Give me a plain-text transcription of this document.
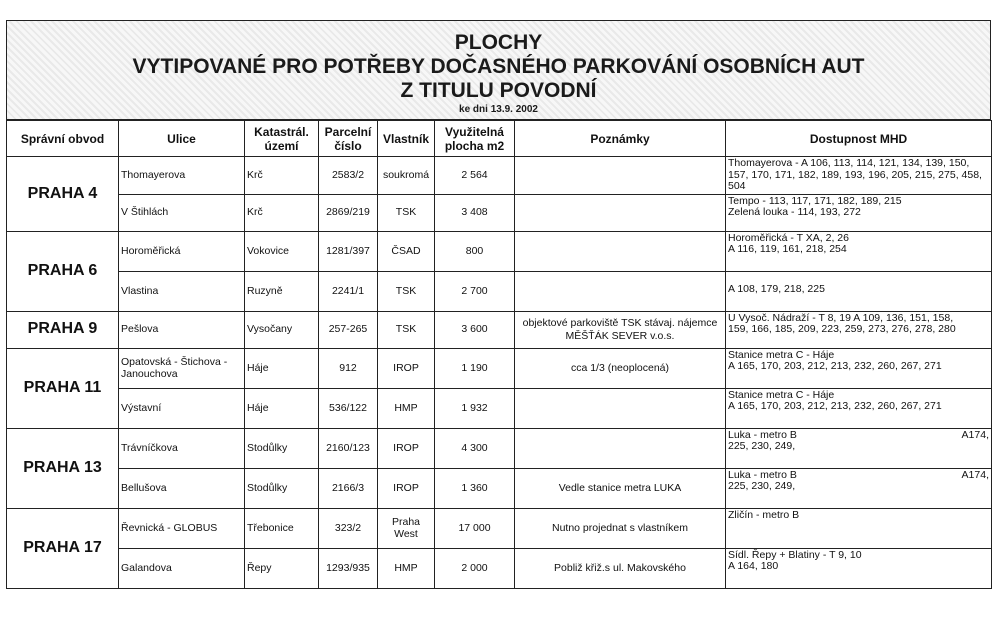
PLOCHY
VYTIPOVANÉ PRO POTŘEBY DOČASNÉHO PARKOVÁNÍ OSOBNÍCH AUT
Z TITULU POVODNÍ
ke dni 13.9. 2002
Správní obvod	Ulice	Katastrál. území	Parcelní číslo	Vlastník	Využitelná plocha m2	Poznámky	Dostupnost MHD
PRAHA 4	Thomayerova	Krč	2583/2	soukromá	2 564		Thomayerova - A 106, 113, 114, 121, 134, 139, 150,
157, 170, 171, 182, 189, 193, 196, 205, 215, 275, 458,
504

	V Štihlách	Krč	2869/219	TSK	3 408		Tempo - 113, 117, 171, 182, 189, 215
Zelená louka - 114, 193, 272

PRAHA 6	Horoměřická	Vokovice	1281/397	ČSAD	800		Horoměřická - T XA, 2, 26
A 116, 119, 161, 218, 254

	Vlastina	Ruzyně	2241/1	TSK	2 700		A 108, 179, 218, 225

PRAHA 9	Pešlova	Vysočany	257-265	TSK	3 600	objektové parkoviště TSK stávaj. nájemce MĚŠŤÁK SEVER v.o.s.	U Vysoč. Nádraží - T 8, 19 A 109, 136, 151, 158,
159, 166, 185, 209, 223, 259, 273, 276, 278, 280

PRAHA 11	Opatovská - Štichova - Janouchova	Háje	912	IROP	1 190	cca 1/3 (neoplocená)	Stanice metra C - Háje
A 165, 170, 203, 212, 213, 232, 260, 267, 271

	Výstavní	Háje	536/122	HMP	1 932		Stanice metra C - Háje
A 165, 170, 203, 212, 213, 232, 260, 267, 271

PRAHA 13	Trávníčkova	Stodůlky	2160/123	IROP	4 300		Luka - metro B A174,
225, 230, 249,

	Bellušova	Stodůlky	2166/3	IROP	1 360	Vedle stanice metra LUKA	Luka - metro B A174,
225, 230, 249,

PRAHA 17	Řevnická - GLOBUS	Třebonice	323/2	Praha West	17 000	Nutno projednat s vlastníkem	Zličín - metro B

	Galandova	Řepy	1293/935	HMP	2 000	Pobliž křiž.s ul. Makovského	Sídl. Řepy + Blatiny - T 9, 10
A 164, 180
